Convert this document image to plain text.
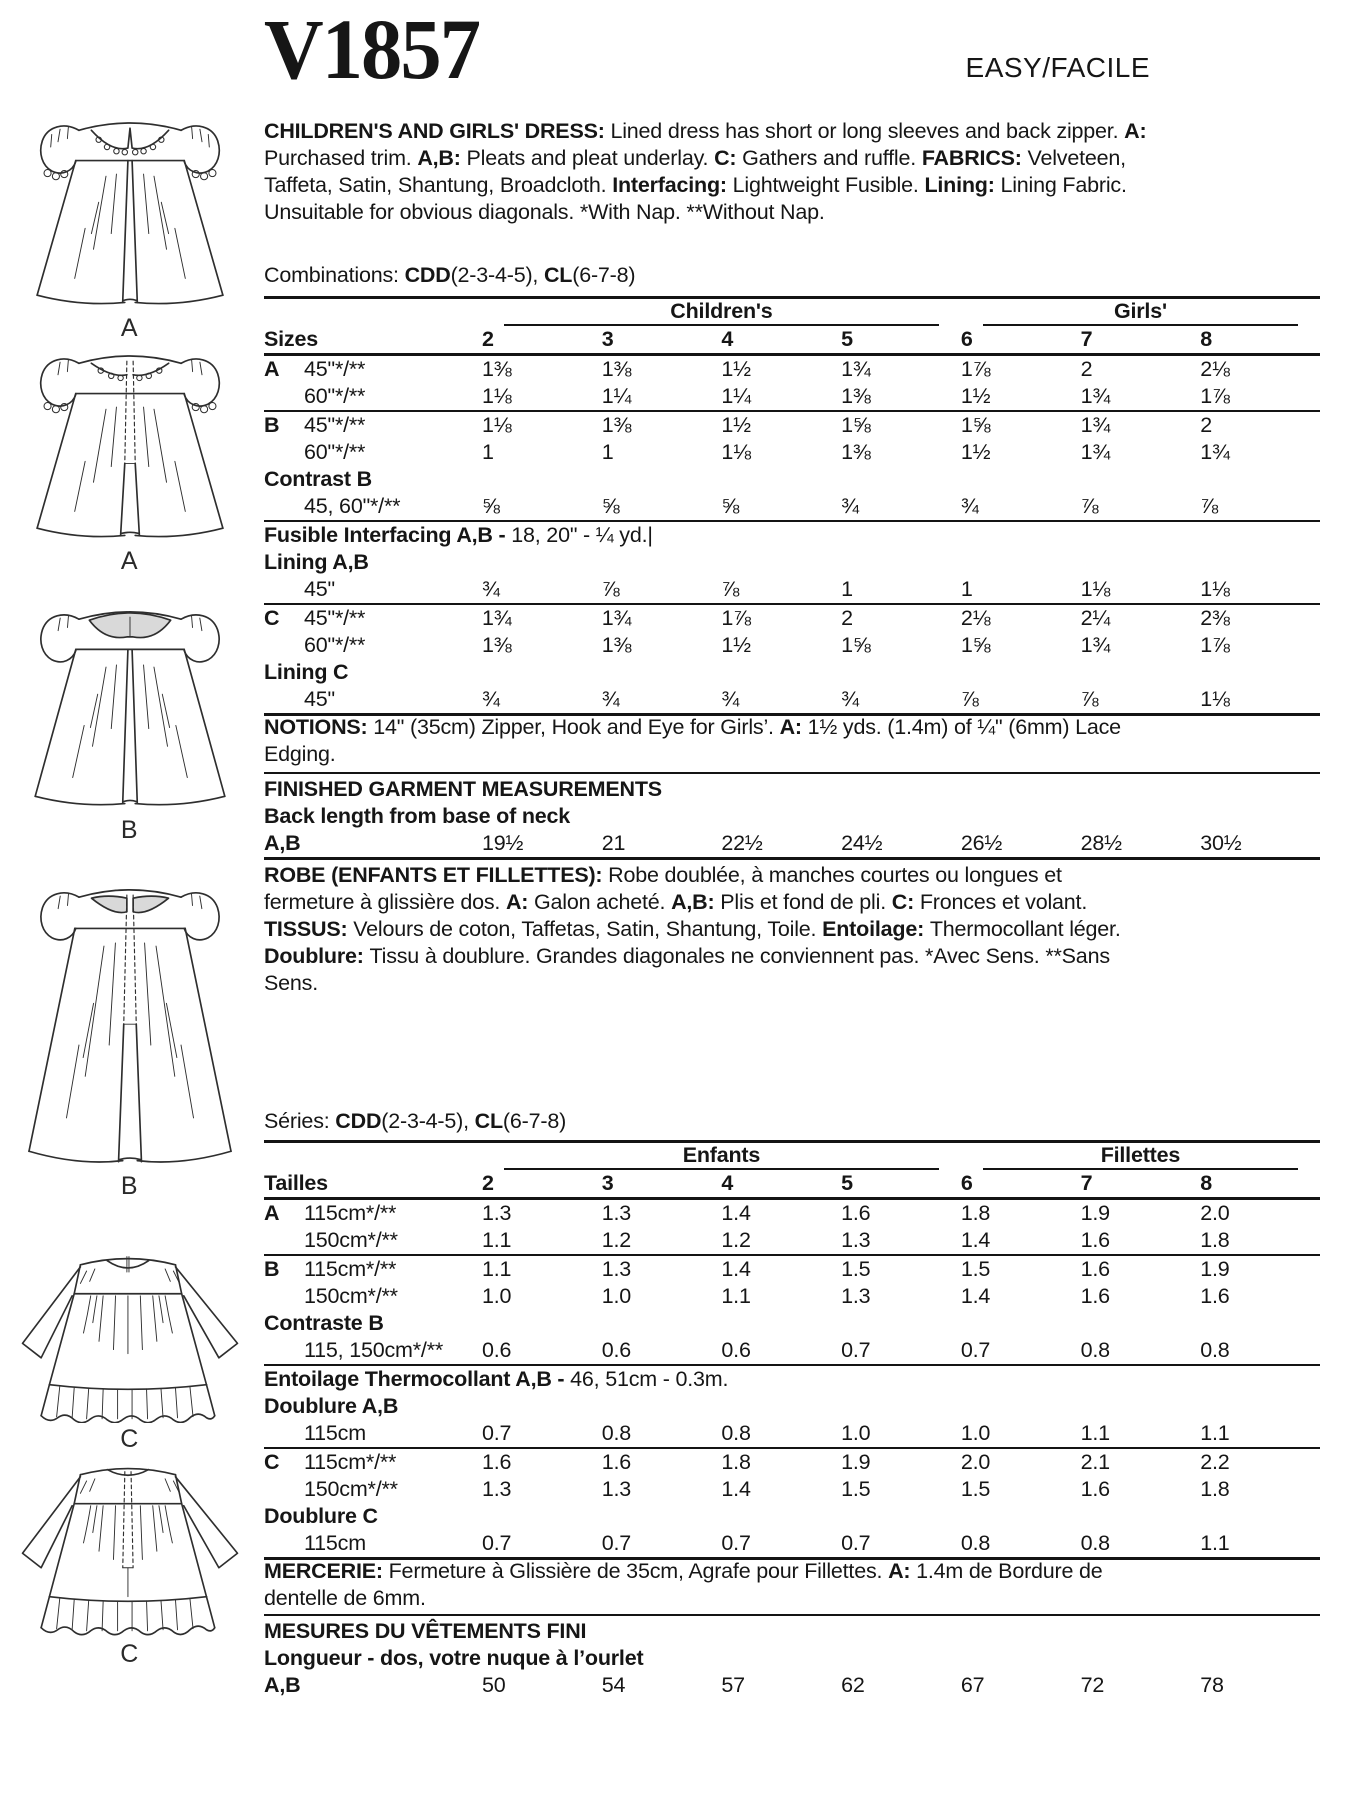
A
A
B
B
C
C
V1857	EASY/FACILE

CHILDREN'S AND GIRLS' DRESS: Lined dress has short or long sleeves and back zipper. A: Purchased trim. A,B: Pleats and pleat underlay. C: Gathers and ruffle. FABRICS: Velveteen, Taffeta, Satin, Shantung, Broadcloth. Interfacing: Lightweight Fusible. Lining: Lining Fabric. Unsuitable for obvious diagonals. *With Nap. **Without Nap.

Combinations: CDD(2-3-4-5), CL(6-7-8)

Children's	Girls'
Sizes	2	3	4	5	6	7	8
A	45"*/**	1⅜	1⅜	1½	1¾	1⅞	2	2⅛
60"*/**	1⅛	1¼	1¼	1⅜	1½	1¾	1⅞
B	45"*/**	1⅛	1⅜	1½	1⅝	1⅝	1¾	2
60"*/**	1	1	1⅛	1⅜	1½	1¾	1¾
Contrast B
45, 60"*/**	⅝	⅝	⅝	¾	¾	⅞	⅞
Fusible Interfacing A,B - 18, 20" - ¼ yd.|
Lining A,B
45"	¾	⅞	⅞	1	1	1⅛	1⅛
C	45"*/**	1¾	1¾	1⅞	2	2⅛	2¼	2⅜
60"*/**	1⅜	1⅜	1½	1⅝	1⅝	1¾	1⅞
Lining C
45"	¾	¾	¾	¾	⅞	⅞	1⅛

NOTIONS: 14" (35cm) Zipper, Hook and Eye for Girls’. A: 1½ yds. (1.4m) of ¼" (6mm) Lace Edging.

FINISHED GARMENT MEASUREMENTS
Back length from base of neck
A,B	19½	21	22½	24½	26½	28½	30½

ROBE (ENFANTS ET FILLETTES): Robe doublée, à manches courtes ou longues et fermeture à glissière dos. A: Galon acheté. A,B: Plis et fond de pli. C: Fronces et volant. TISSUS: Velours de coton, Taffetas, Satin, Shantung, Toile. Entoilage: Thermocollant léger. Doublure: Tissu à doublure. Grandes diagonales ne conviennent pas. *Avec Sens. **Sans Sens.

Séries: CDD(2-3-4-5), CL(6-7-8)

Enfants	Fillettes
Tailles	2	3	4	5	6	7	8
A	115cm*/**	1.3	1.3	1.4	1.6	1.8	1.9	2.0
150cm*/**	1.1	1.2	1.2	1.3	1.4	1.6	1.8
B	115cm*/**	1.1	1.3	1.4	1.5	1.5	1.6	1.9
150cm*/**	1.0	1.0	1.1	1.3	1.4	1.6	1.6
Contraste B
115, 150cm*/**	0.6	0.6	0.6	0.7	0.7	0.8	0.8
Entoilage Thermocollant A,B - 46, 51cm - 0.3m.
Doublure A,B
115cm	0.7	0.8	0.8	1.0	1.0	1.1	1.1
C	115cm*/**	1.6	1.6	1.8	1.9	2.0	2.1	2.2
150cm*/**	1.3	1.3	1.4	1.5	1.5	1.6	1.8
Doublure C
115cm	0.7	0.7	0.7	0.7	0.8	0.8	1.1

MERCERIE: Fermeture à Glissière de 35cm, Agrafe pour Fillettes. A: 1.4m de Bordure de dentelle de 6mm.

MESURES DU VÊTEMENTS FINI
Longueur - dos, votre nuque à l’ourlet
A,B	50	54	57	62	67	72	78
